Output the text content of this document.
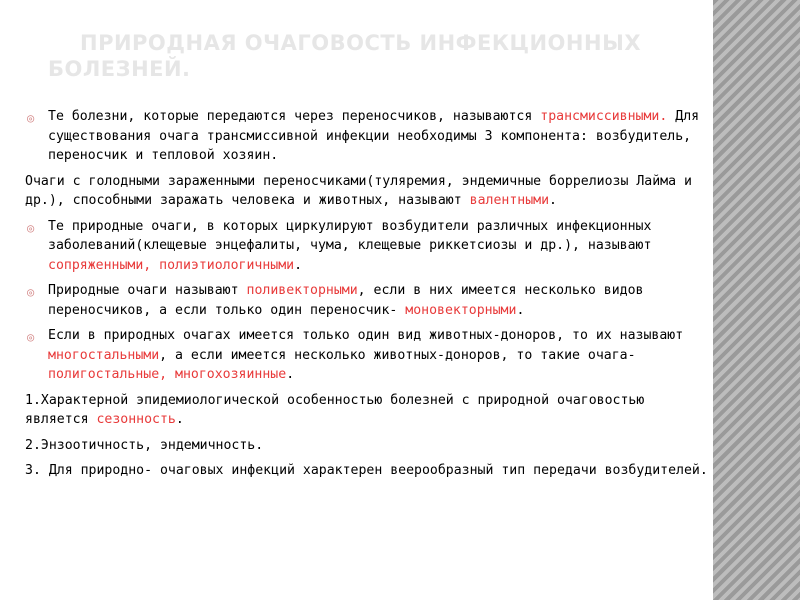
ПРИРОДНАЯ ОЧАГОВОСТЬ ИНФЕКЦИОННЫХ
БОЛЕЗНЕЙ.
◎ Те болезни, которые передаются через переносчиков, называются трансмиссивными. Для существования очага трансмиссивной инфекции необходимы 3 компонента: возбудитель, переносчик и тепловой хозяин.
Очаги с голодными зараженными переносчиками(туляремия, эндемичные боррелиозы Лайма и др.), способными заражать человека и животных, называют валентными.
◎ Те природные очаги, в которых циркулируют возбудители различных инфекционных заболеваний(клещевые энцефалиты, чума, клещевые риккетсиозы и др.), называют сопряженными, полиэтиологичными.
◎ Природные очаги называют поливекторными, если в них имеется несколько видов переносчиков, а если только один переносчик- моновекторными.
◎ Если в природных очагах имеется только один вид животных-доноров, то их называют многостальными, а если имеется несколько животных-доноров, то такие очага- полигостальные, многохозяинные.
1.Характерной эпидемиологической особенностью болезней с природной очаговостью является сезонность.
2.Энзоотичность, эндемичность.
3. Для природно- очаговых инфекций характерен веерообразный тип передачи возбудителей.
